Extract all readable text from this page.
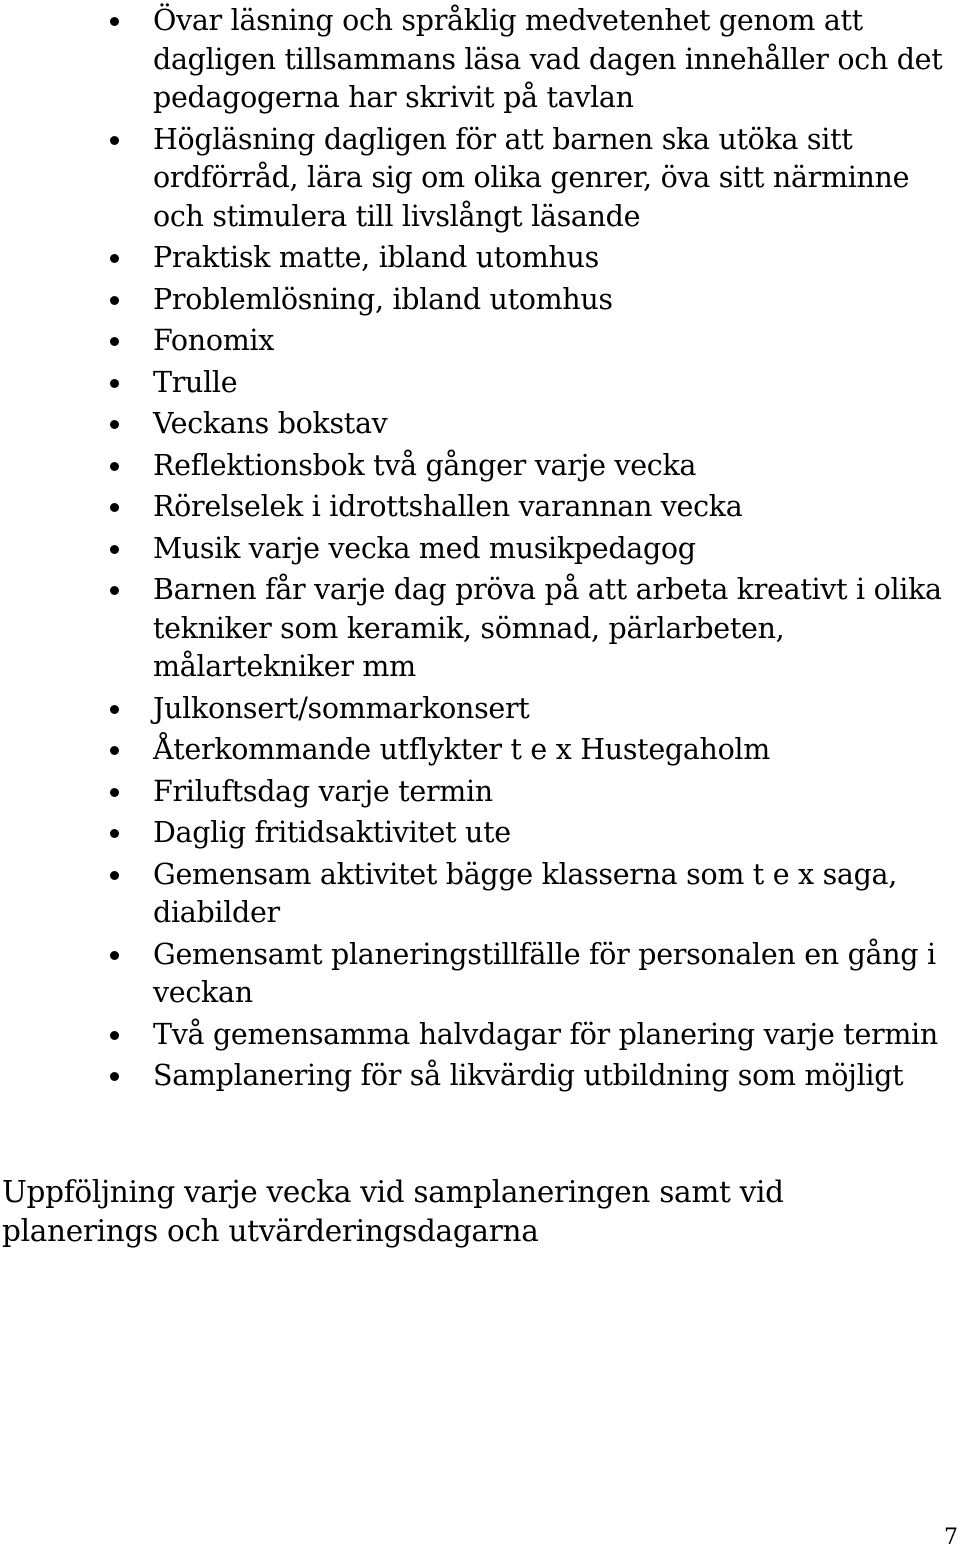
Övar läsning och språklig medvetenhet genom att dagligen tillsammans läsa vad dagen innehåller och det pedagogerna har skrivit på tavlan
Högläsning dagligen för att barnen ska utöka sitt ordförråd, lära sig om olika genrer, öva sitt närminne och stimulera till livslångt läsande
Praktisk matte, ibland utomhus
Problemlösning, ibland utomhus
Fonomix
Trulle
Veckans bokstav
Reflektionsbok två gånger varje vecka
Rörelselek i idrottshallen varannan vecka
Musik varje vecka med musikpedagog
Barnen får varje dag pröva på att arbeta kreativt i olika tekniker som keramik, sömnad, pärlarbeten, målartekniker mm
Julkonsert/sommarkonsert
Återkommande utflykter t e x Hustegaholm
Friluftsdag varje termin
Daglig fritidsaktivitet ute
Gemensam aktivitet bägge klasserna som t e x saga, diabilder
Gemensamt planeringstillfälle för personalen en gång i veckan
Två gemensamma halvdagar för planering varje termin
Samplanering för så likvärdig utbildning som möjligt

Uppföljning varje vecka vid samplaneringen samt vid planerings och utvärderingsdagarna

7
